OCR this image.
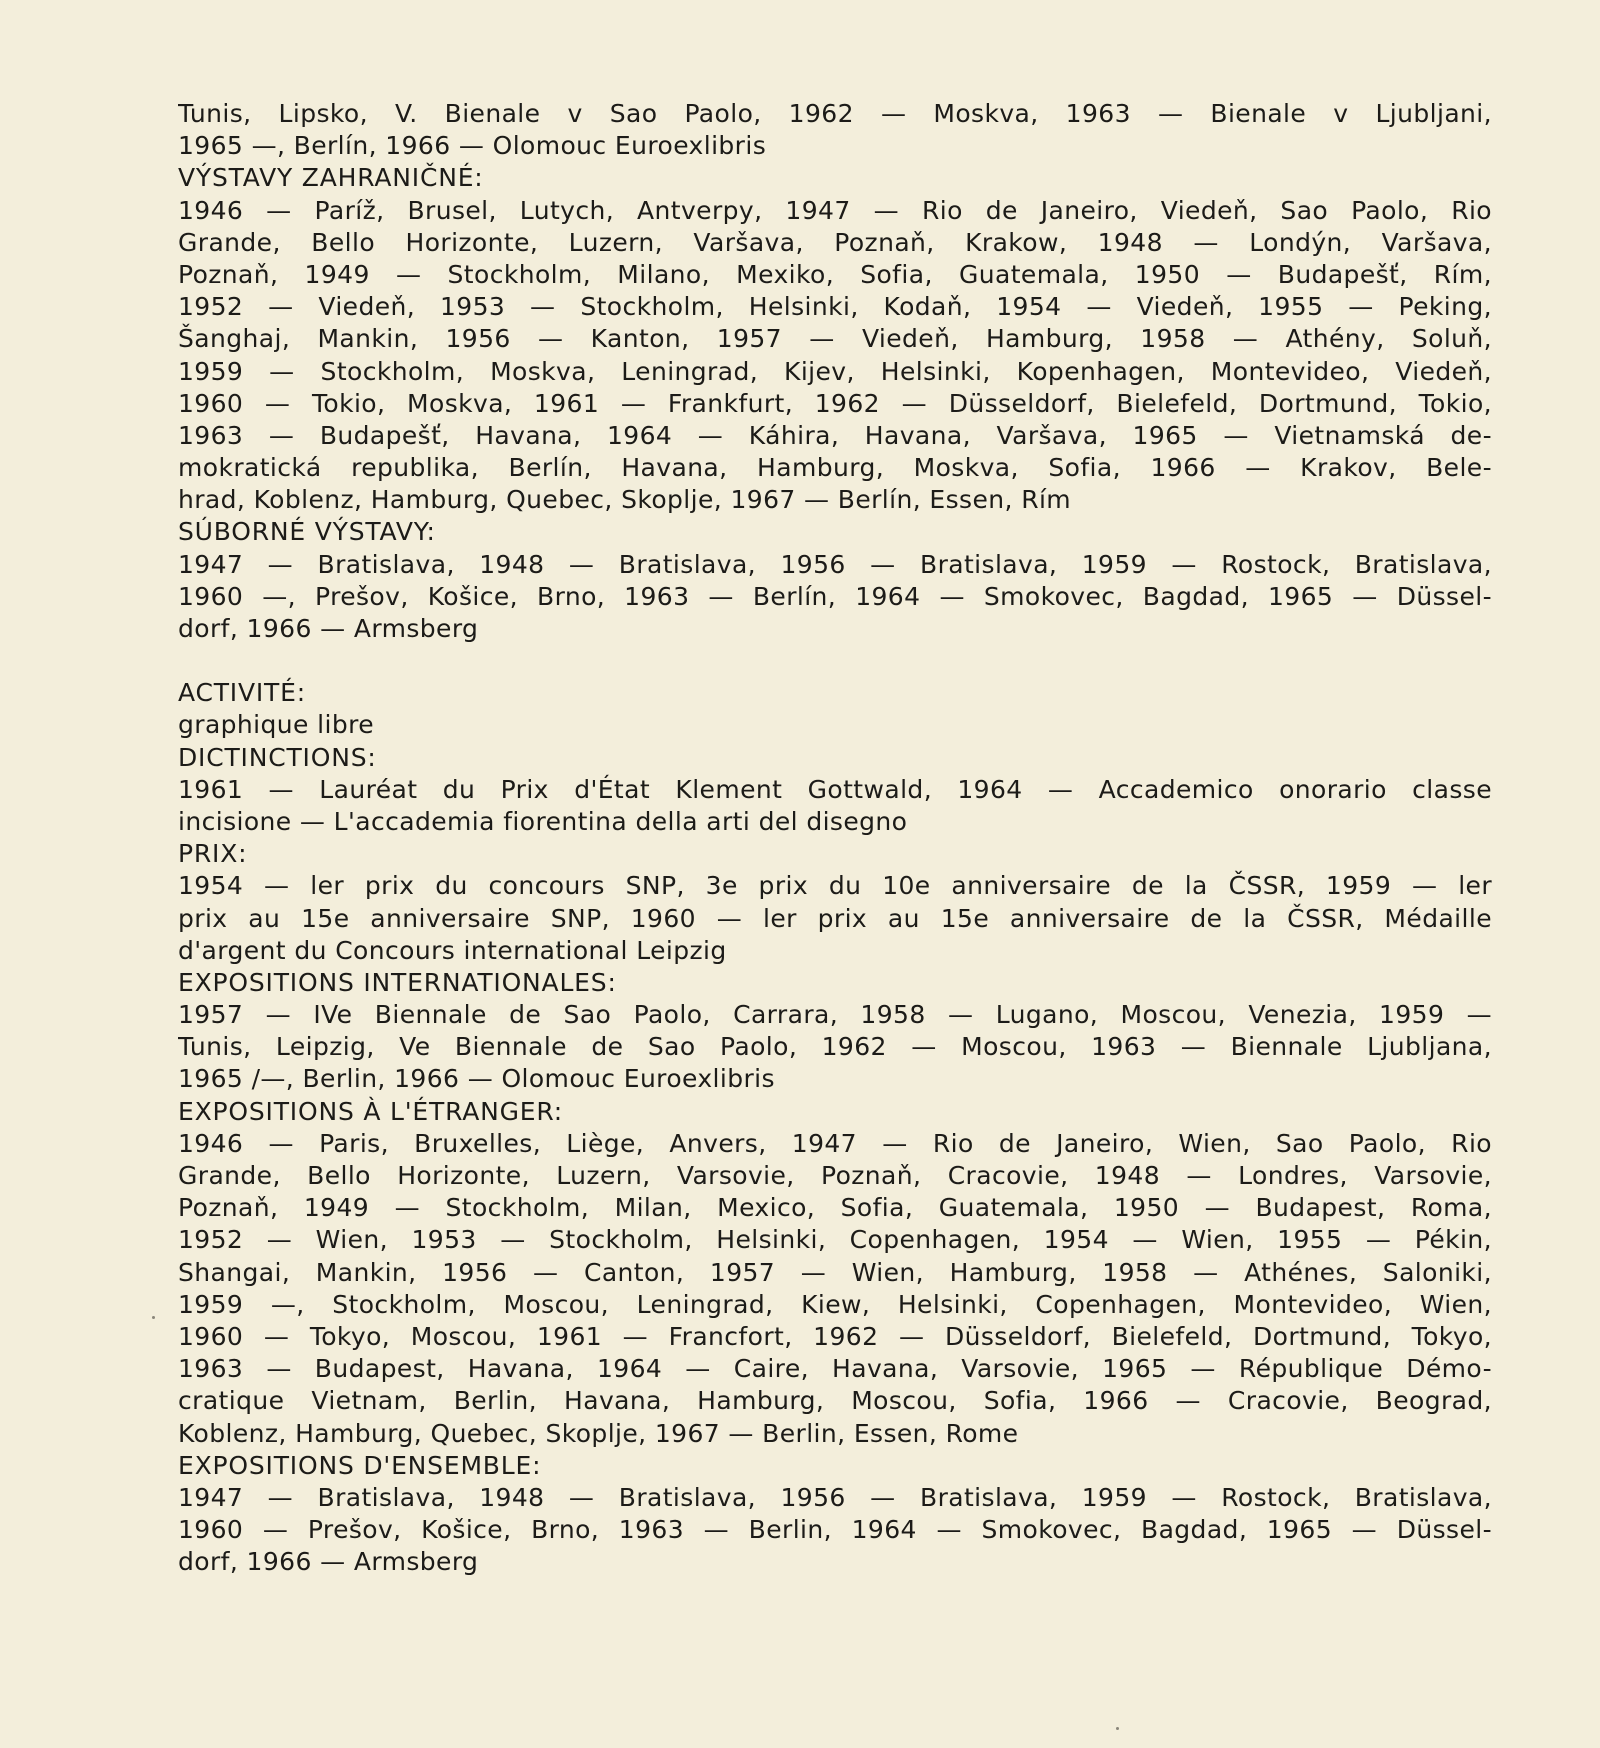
Tunis, Lipsko, V. Bienale v Sao Paolo, 1962 — Moskva, 1963 — Bienale v Ljubljani,
1965 —, Berlín, 1966 — Olomouc Euroexlibris
VÝSTAVY ZAHRANIČNÉ:
1946 — Paríž, Brusel, Lutych, Antverpy, 1947 — Rio de Janeiro, Viedeň, Sao Paolo, Rio
Grande, Bello Horizonte, Luzern, Varšava, Poznaň, Krakow, 1948 — Londýn, Varšava,
Poznaň, 1949 — Stockholm, Milano, Mexiko, Sofia, Guatemala, 1950 — Budapešť, Rím,
1952 — Viedeň, 1953 — Stockholm, Helsinki, Kodaň, 1954 — Viedeň, 1955 — Peking,
Šanghaj, Mankin, 1956 — Kanton, 1957 — Viedeň, Hamburg, 1958 — Athény, Soluň,
1959 — Stockholm, Moskva, Leningrad, Kijev, Helsinki, Kopenhagen, Montevideo, Viedeň,
1960 — Tokio, Moskva, 1961 — Frankfurt, 1962 — Düsseldorf, Bielefeld, Dortmund, Tokio,
1963 — Budapešť, Havana, 1964 — Káhira, Havana, Varšava, 1965 — Vietnamská de-
mokratická republika, Berlín, Havana, Hamburg, Moskva, Sofia, 1966 — Krakov, Bele-
hrad, Koblenz, Hamburg, Quebec, Skoplje, 1967 — Berlín, Essen, Rím
SÚBORNÉ VÝSTAVY:
1947 — Bratislava, 1948 — Bratislava, 1956 — Bratislava, 1959 — Rostock, Bratislava,
1960 —, Prešov, Košice, Brno, 1963 — Berlín, 1964 — Smokovec, Bagdad, 1965 — Düssel-
dorf, 1966 — Armsberg
ACTIVITÉ:
graphique libre
DICTINCTIONS:
1961 — Lauréat du Prix d'État Klement Gottwald, 1964 — Accademico onorario classe
incisione — L'accademia fiorentina della arti del disegno
PRIX:
1954 — ler prix du concours SNP, 3e prix du 10e anniversaire de la ČSSR, 1959 — ler
prix au 15e anniversaire SNP, 1960 — ler prix au 15e anniversaire de la ČSSR, Médaille
d'argent du Concours international Leipzig
EXPOSITIONS INTERNATIONALES:
1957 — IVe Biennale de Sao Paolo, Carrara, 1958 — Lugano, Moscou, Venezia, 1959 —
Tunis, Leipzig, Ve Biennale de Sao Paolo, 1962 — Moscou, 1963 — Biennale Ljubljana,
1965 /—, Berlin, 1966 — Olomouc Euroexlibris
EXPOSITIONS À L'ÉTRANGER:
1946 — Paris, Bruxelles, Liège, Anvers, 1947 — Rio de Janeiro, Wien, Sao Paolo, Rio
Grande, Bello Horizonte, Luzern, Varsovie, Poznaň, Cracovie, 1948 — Londres, Varsovie,
Poznaň, 1949 — Stockholm, Milan, Mexico, Sofia, Guatemala, 1950 — Budapest, Roma,
1952 — Wien, 1953 — Stockholm, Helsinki, Copenhagen, 1954 — Wien, 1955 — Pékin,
Shangai, Mankin, 1956 — Canton, 1957 — Wien, Hamburg, 1958 — Athénes, Saloniki,
1959 —, Stockholm, Moscou, Leningrad, Kiew, Helsinki, Copenhagen, Montevideo, Wien,
1960 — Tokyo, Moscou, 1961 — Francfort, 1962 — Düsseldorf, Bielefeld, Dortmund, Tokyo,
1963 — Budapest, Havana, 1964 — Caire, Havana, Varsovie, 1965 — République Démo-
cratique Vietnam, Berlin, Havana, Hamburg, Moscou, Sofia, 1966 — Cracovie, Beograd,
Koblenz, Hamburg, Quebec, Skoplje, 1967 — Berlin, Essen, Rome
EXPOSITIONS D'ENSEMBLE:
1947 — Bratislava, 1948 — Bratislava, 1956 — Bratislava, 1959 — Rostock, Bratislava,
1960 — Prešov, Košice, Brno, 1963 — Berlin, 1964 — Smokovec, Bagdad, 1965 — Düssel-
dorf, 1966 — Armsberg
